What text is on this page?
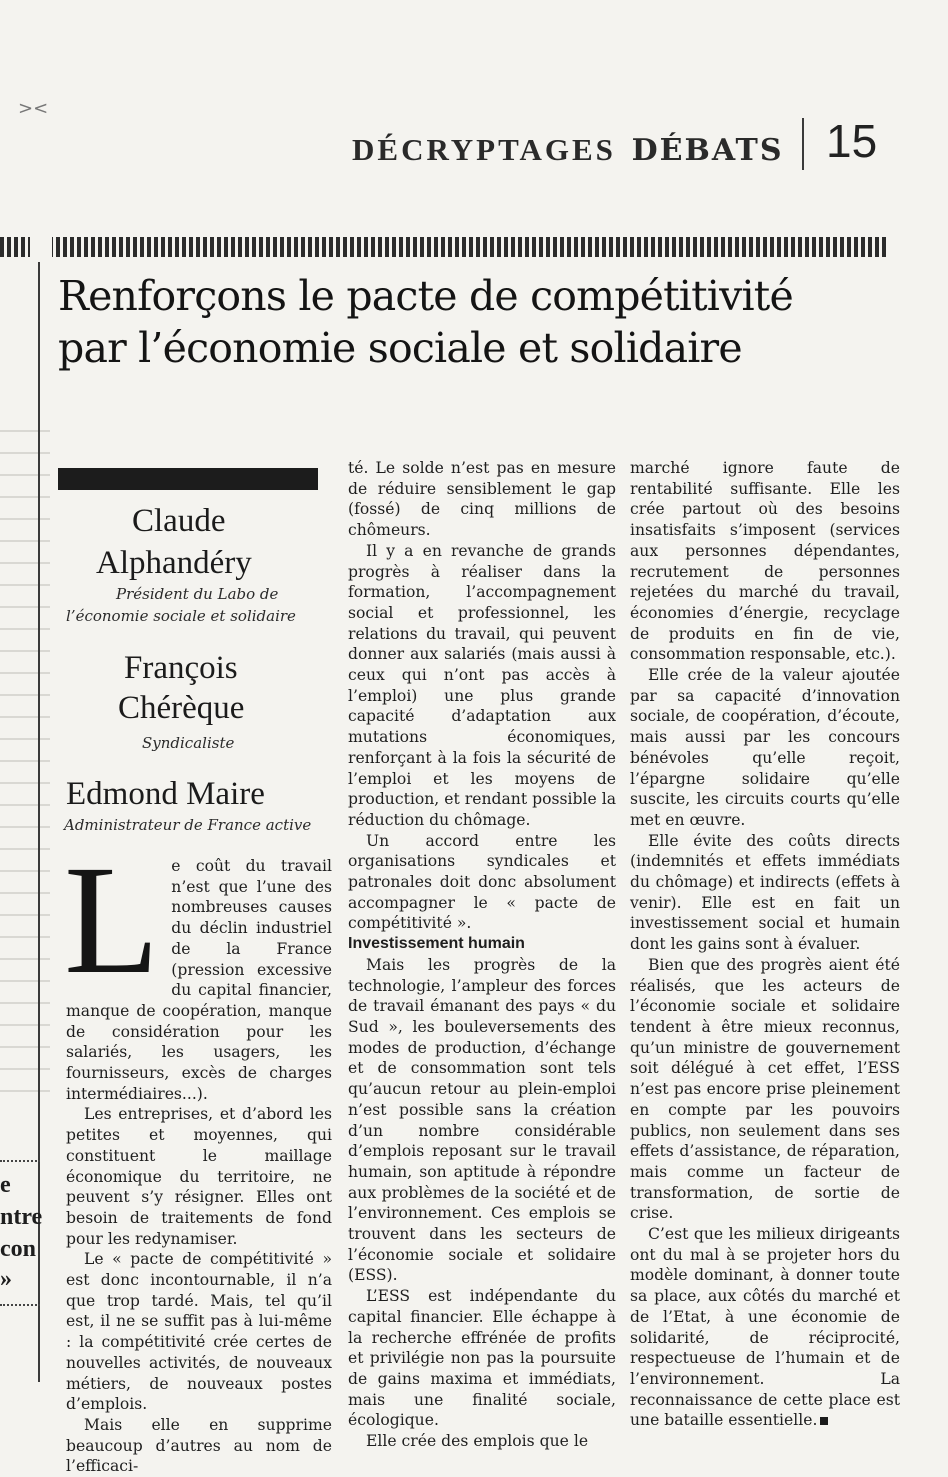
><
DÉCRYPTAGES DÉBATS 15
Renforçons le pacte de compétitivité
par l’économie sociale et solidaire
Claude
Alphandéry
Président du Labo de
l’économie sociale et solidaire
François
Chérèque
Syndicaliste
Edmond Maire
Administrateur de France active

Le coût du travail n’est que l’une des nombreuses causes du déclin industriel de la France (pression excessive du capital financier, manque de coopération, manque de considération pour les salariés, les usagers, les fournisseurs, excès de charges intermédiaires...).

Les entreprises, et d’abord les petites et moyennes, qui constituent le maillage économique du territoire, ne peuvent s’y résigner. Elles ont besoin de traitements de fond pour les redynamiser.

Le « pacte de compétitivité » est donc incontournable, il n’a que trop tardé. Mais, tel qu’il est, il ne se suffit pas à lui-même : la compétitivité crée certes de nouvelles activités, de nouveaux métiers, de nouveaux postes d’emplois.

Mais elle en supprime beaucoup d’autres au nom de l’efficaci-

e
ntre
con
»

té. Le solde n’est pas en mesure de réduire sensiblement le gap (fossé) de cinq millions de chômeurs.

Il y a en revanche de grands progrès à réaliser dans la formation, l’accompagnement social et professionnel, les relations du travail, qui peuvent donner aux salariés (mais aussi à ceux qui n’ont pas accès à l’emploi) une plus grande capacité d’adaptation aux mutations économiques, renforçant à la fois la sécurité de l’emploi et les moyens de production, et rendant possible la réduction du chômage.

Un accord entre les organisations syndicales et patronales doit donc absolument accompagner le « pacte de compétitivité ».

Investissement humain

Mais les progrès de la technologie, l’ampleur des forces de travail émanant des pays « du Sud », les bouleversements des modes de production, d’échange et de consommation sont tels qu’aucun retour au plein-emploi n’est possible sans la création d’un nombre considérable d’emplois reposant sur le travail humain, son aptitude à répondre aux problèmes de la société et de l’environnement. Ces emplois se trouvent dans les secteurs de l’économie sociale et solidaire (ESS).

L’ESS est indépendante du capital financier. Elle échappe à la recherche effrénée de profits et privilégie non pas la poursuite de gains maxima et immédiats, mais une finalité sociale, écologique.

Elle crée des emplois que le

marché ignore faute de rentabilité suffisante. Elle les crée partout où des besoins insatisfaits s’imposent (services aux personnes dépendantes, recrutement de personnes rejetées du marché du travail, économies d’énergie, recyclage de produits en fin de vie, consommation responsable, etc.).

Elle crée de la valeur ajoutée par sa capacité d’innovation sociale, de coopération, d’écoute, mais aussi par les concours bénévoles qu’elle reçoit, l’épargne solidaire qu’elle suscite, les circuits courts qu’elle met en œuvre.

Elle évite des coûts directs (indemnités et effets immédiats du chômage) et indirects (effets à venir). Elle est en fait un investissement social et humain dont les gains sont à évaluer.

Bien que des progrès aient été réalisés, que les acteurs de l’économie sociale et solidaire tendent à être mieux reconnus, qu’un ministre de gouvernement soit délégué à cet effet, l’ESS n’est pas encore prise pleinement en compte par les pouvoirs publics, non seulement dans ses effets d’assistance, de réparation, mais comme un facteur de transformation, de sortie de crise.

C’est que les milieux dirigeants ont du mal à se projeter hors du modèle dominant, à donner toute sa place, aux côtés du marché et de l’Etat, à une économie de solidarité, de réciprocité, respectueuse de l’humain et de l’environnement. La reconnaissance de cette place est une bataille essentielle.
